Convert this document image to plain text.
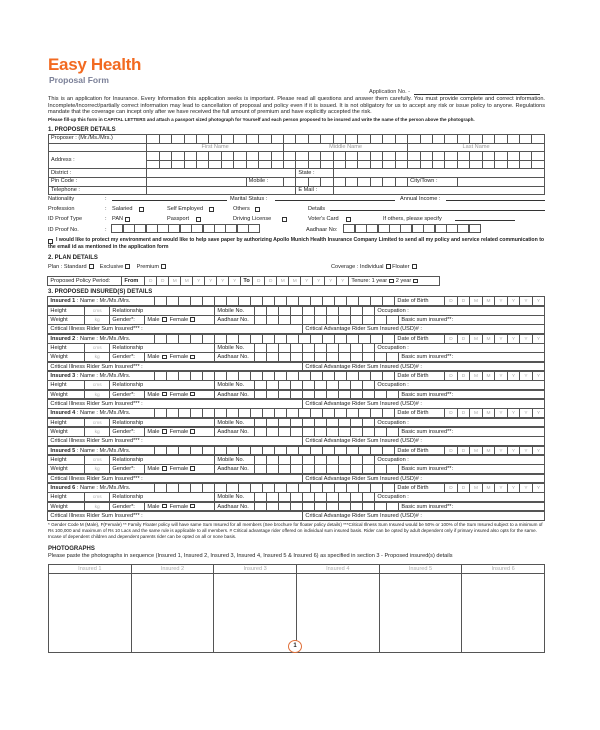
Easy Health
Proposal Form
Application No. -
This is an application for Insurance. Every Information this application seeks is important. Please read all questions and answer them carefully. You must provide complete and correct information. Incomplete/Incorrect/partially correct information may lead to cancellation of proposal and policy even if it is issued. It is not obligatory for us to accept any risk or issue policy to anyone. Regulations mandate that the coverage can incept only after we have received the full amount of premium and have explicitly accepted the risk.
Please fill-up this form in CAPITAL LETTERS and attach a passport sized photograph for Yourself and each person proposed to be insured and write the name of the person above the photograph.
1. PROPOSER DETAILS
Proposer : (Mr./Ms./Mrs.)																																
	First Name											Middle Name										Last Name										
Address :																																

District :													State :																			
Pin Code :									Mobile :													City/Town :										
Telephone :													E Mail :																			
Nationality	:	Marital Status :	Annual Income :
Profession	: Salaried	Self Employed	Others	Details
ID Proof Type	: PAN	Passport	Driving License	Voter's Card	If others, please specify
ID Proof No.	:	Aadhaar No:
I would like to protect my environment and would like to help save paper by authorizing Apollo Munich Health Insurance Company Limited to send all my policy and service related communication to the email id as mentioned in the application form
2. PLAN DETAILS
Plan : Standard Exclusive Premium	Coverage : Individual Floater
Proposed Policy Period:	From	D	D	M	M	Y	Y	Y	Y	To	D	D	M	M	Y	Y	Y	Y	Tenure: 1 year 2 year
3. PROPOSED INSURED(S) DETAILS
Insured 1 : Name : Mr./Ms./Mrs.	Date of Birth	D	D	M	M	Y	Y	Y	Y
Height	cms	Relationship	Mobile No.	Occupation :
Weight	kg	Gender*:	Male Female	Aadhaar No.	Basic sum insured**:
Critical Illness Rider Sum Insured*** :	Critical Advantage Rider Sum Insured (USD)# :
Insured 2 : Name : Mr./Ms./Mrs.	Date of Birth	D	D	M	M	Y	Y	Y	Y
Height	cms	Relationship	Mobile No.	Occupation :
Weight	kg	Gender*:	Male Female	Aadhaar No.	Basic sum insured**:
Critical Illness Rider Sum Insured*** :	Critical Advantage Rider Sum Insured (USD)# :
Insured 3 : Name : Mr./Ms./Mrs.	Date of Birth	D	D	M	M	Y	Y	Y	Y
Height	cms	Relationship	Mobile No.	Occupation :
Weight	kg	Gender*:	Male Female	Aadhaar No.	Basic sum insured**:
Critical Illness Rider Sum Insured*** :	Critical Advantage Rider Sum Insured (USD)# :
Insured 4 : Name : Mr./Ms./Mrs.	Date of Birth	D	D	M	M	Y	Y	Y	Y
Height	cms	Relationship	Mobile No.	Occupation :
Weight	kg	Gender*:	Male Female	Aadhaar No.	Basic sum insured**:
Critical Illness Rider Sum Insured*** :	Critical Advantage Rider Sum Insured (USD)# :
Insured 5 : Name : Mr./Ms./Mrs.	Date of Birth	D	D	M	M	Y	Y	Y	Y
Height	cms	Relationship	Mobile No.	Occupation :
Weight	kg	Gender*:	Male Female	Aadhaar No.	Basic sum insured**:
Critical Illness Rider Sum Insured*** :	Critical Advantage Rider Sum Insured (USD)# :
Insured 6 : Name : Mr./Ms./Mrs.	Date of Birth	D	D	M	M	Y	Y	Y	Y
Height	cms	Relationship	Mobile No.	Occupation :
Weight	kg	Gender*:	Male Female	Aadhaar No.	Basic sum insured**:
Critical Illness Rider Sum Insured*** :	Critical Advantage Rider Sum Insured (USD)# :
* Gender Code M (Male), F(Female) ** Family Floater policy will have same Sum Insured for all members (See brochure for floater policy details) ***Critical Illness Sum Insured would be 50% or 100% of the Sum Insured subject to a minimum of Rs 100,000 and maximum of Rs 10 Lacs and the same rule is applicable to all members. # Critical advantage rider offered on individual sum insured basis. Rider can be opted by adult dependent only if primary insured also opts for the same. Incase of dependent children and dependent parents rider can be opted on all or none basis.
PHOTOGRAPHS
Please paste the photographs in sequence (Insured 1, Insured 2, Insured 3, Insured 4, Insured 5 & Insured 6) as specified in section 3 - Proposed insured(s) details
Insured 1	Insured 2	Insured 3	Insured 4	Insured 5	Insured 6

1
